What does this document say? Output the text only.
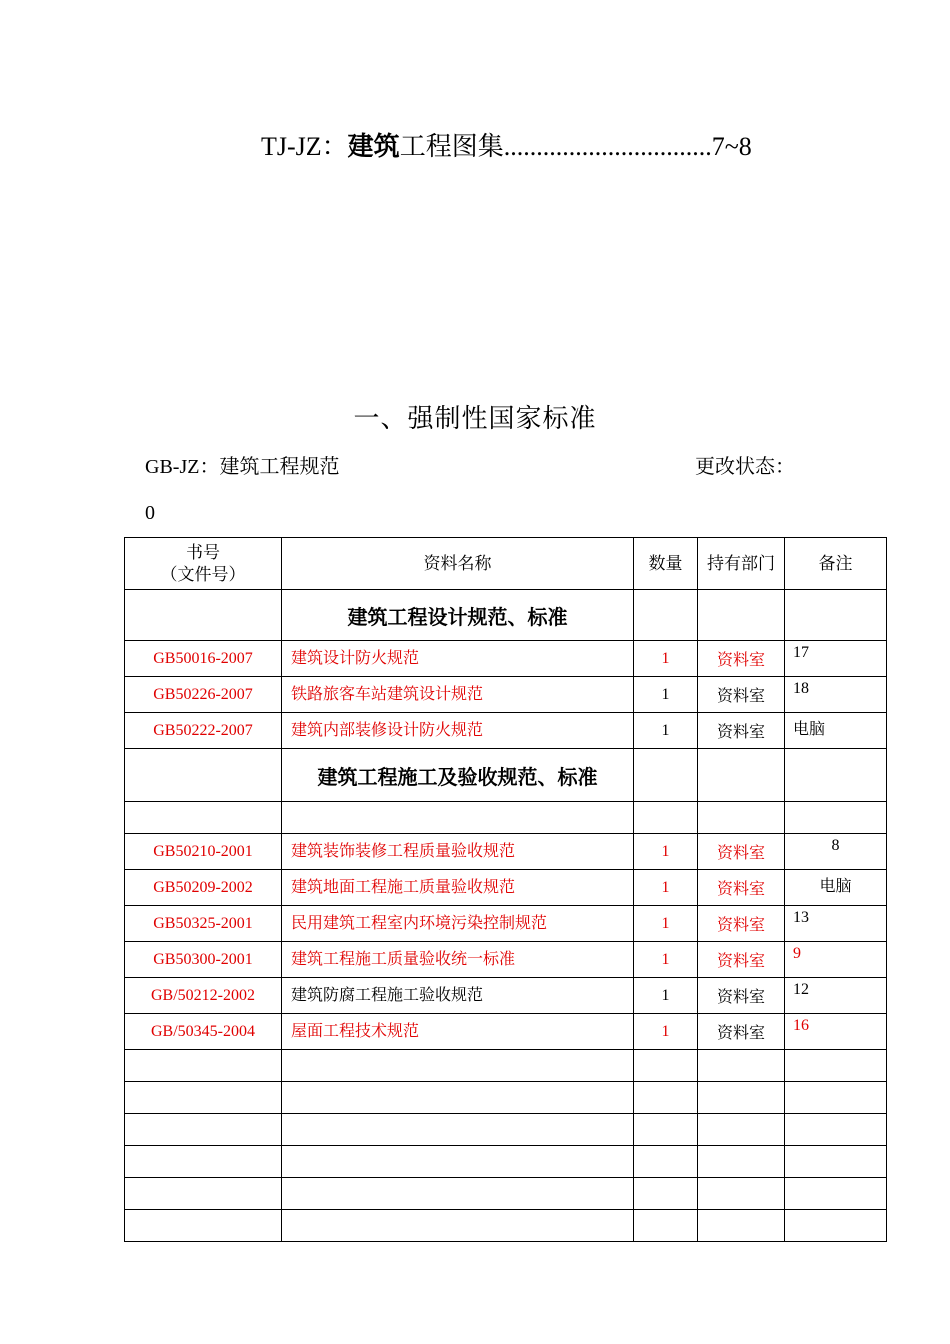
TJ-JZ：建筑工程图集................................7~8
一、强制性国家标准
GB-JZ：建筑工程规范	更改状态：
0
书号
（文件号）	资料名称	数量	持有部门	备注
	建筑工程设计规范、标准			
GB50016-2007	建筑设计防火规范	1	资料室	17
GB50226-2007	铁路旅客车站建筑设计规范	1	资料室	18
GB50222-2007	建筑内部装修设计防火规范	1	资料室	电脑
	建筑工程施工及验收规范、标准			

GB50210-2001	建筑装饰装修工程质量验收规范	1	资料室	8
GB50209-2002	建筑地面工程施工质量验收规范	1	资料室	电脑
GB50325-2001	民用建筑工程室内环境污染控制规范	1	资料室	13
GB50300-2001	建筑工程施工质量验收统一标准	1	资料室	9
GB/50212-2002	建筑防腐工程施工验收规范	1	资料室	12
GB/50345-2004	屋面工程技术规范	1	资料室	16
